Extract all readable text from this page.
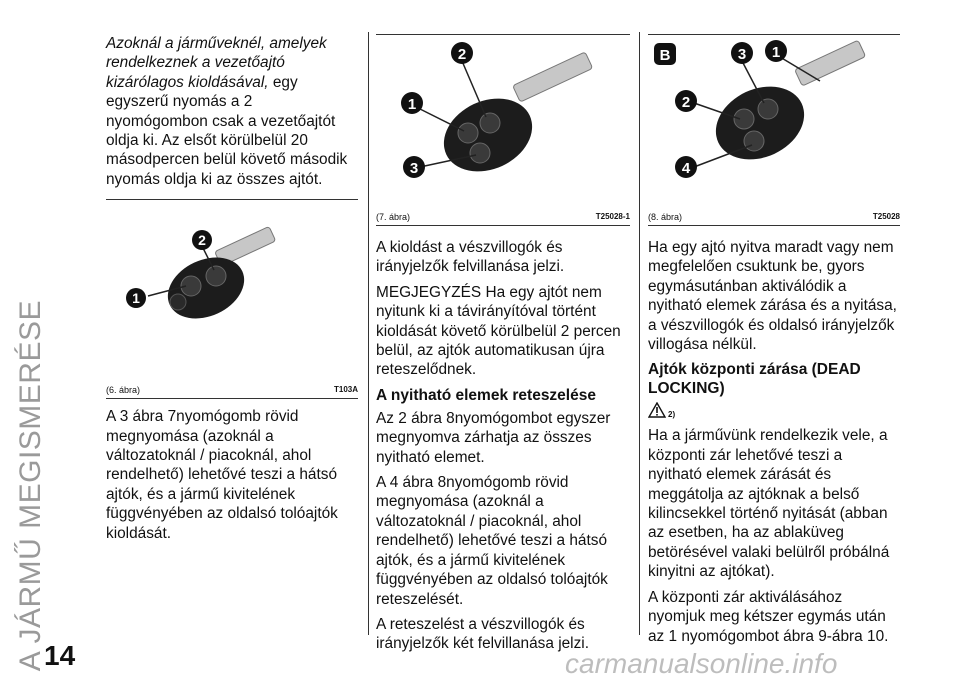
A JÁRMŰ MEGISMERÉSE
14	carmanualsonline.info

Azoknál a járműveknél, amelyek rendelkeznek a vezetőajtó kizárólagos kioldásával, egy egyszerű nyomás a 2 nyomógombon csak a vezetőajtót oldja ki. Az elsőt körülbelül 20 másodpercen belül követő második nyomás oldja ki az összes ajtót.

1
2
(6. ábra)	T103A

A 3 ábra 7nyomógomb rövid megnyomása (azoknál a változatoknál / piacoknál, ahol rendelhető) lehetővé teszi a hátsó ajtók, és a jármű kivitelének függvényében az oldalsó tolóajtók kioldását.

2
1
3
(7. ábra)	T25028-1

A kioldást a vészvillogók és irányjelzők felvillanása jelzi.

MEGJEGYZÉS Ha egy ajtót nem nyitunk ki a távirányítóval történt kioldását követő körülbelül 2 percen belül, az ajtók automatikusan újra reteszelődnek.

A nyitható elemek reteszelése

Az 2 ábra 8nyomógombot egyszer megnyomva zárhatja az összes nyitható elemet.

A 4 ábra 8nyomógomb rövid megnyomása (azoknál a változatoknál / piacoknál, ahol rendelhető) lehetővé teszi a hátsó ajtók, és a jármű kivitelének függvényében az oldalsó tolóajtók reteszelését.

A reteszelést a vészvillogók és irányjelzők két felvillanása jelzi.

B	3 1
2
4
(8. ábra)	T25028

Ha egy ajtó nyitva maradt vagy nem megfelelően csuktunk be, gyors egymásutánban aktiválódik a nyitható elemek zárása és a nyitása, a vészvillogók és oldalsó irányjelzők villogása nélkül.

Ajtók központi zárása (DEAD LOCKING)
2)

Ha a járművünk rendelkezik vele, a központi zár lehetővé teszi a nyitható elemek zárását és meggátolja az ajtóknak a belső kilincsekkel történő nyitását (abban az esetben, ha az ablaküveg betörésével valaki belülről próbálná kinyitni az ajtókat).

A központi zár aktiválásához nyomjuk meg kétszer egymás után az 1 nyomógombot ábra 9-ábra 10.
